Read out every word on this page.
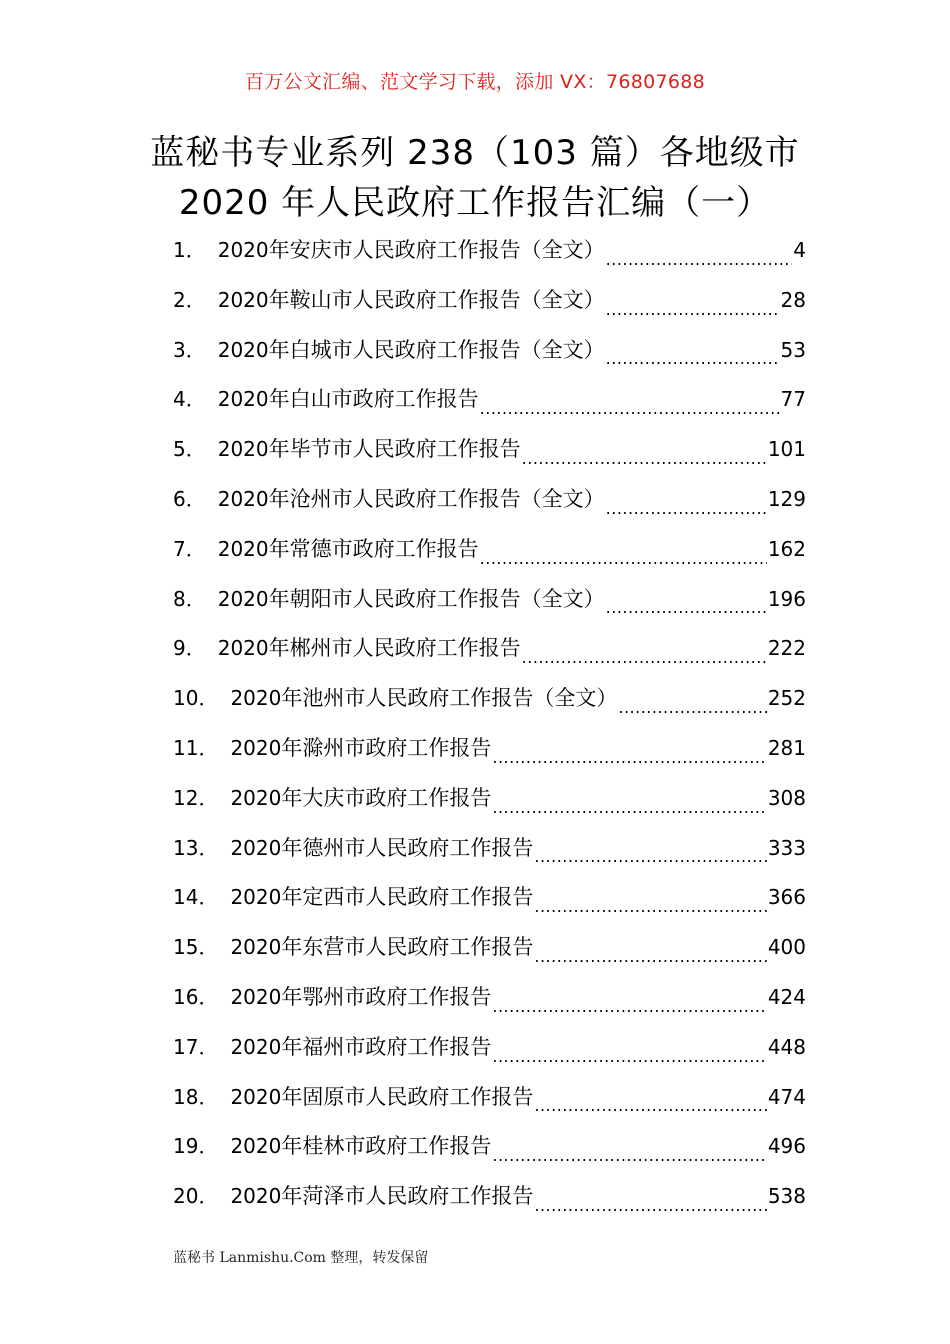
百万公文汇编、范文学习下载，添加 VX：76807688
蓝秘书专业系列 238（103 篇）各地级市
2020 年人民政府工作报告汇编（一）
1． 2020年安庆市人民政府工作报告（全文） .....	4
2． 2020年鞍山市人民政府工作报告（全文） .....	28
3． 2020年白城市人民政府工作报告（全文） .....	53
4． 2020年白山市政府工作报告 .....	77
5． 2020年毕节市人民政府工作报告 .....	101
6． 2020年沧州市人民政府工作报告（全文） .....	129
7． 2020年常德市政府工作报告 .....	162
8． 2020年朝阳市人民政府工作报告（全文） .....	196
9． 2020年郴州市人民政府工作报告 .....	222
10． 2020年池州市人民政府工作报告（全文） .....	252
11． 2020年滁州市政府工作报告 .....	281
12． 2020年大庆市政府工作报告 .....	308
13． 2020年德州市人民政府工作报告 .....	333
14． 2020年定西市人民政府工作报告 .....	366
15． 2020年东营市人民政府工作报告 .....	400
16． 2020年鄂州市政府工作报告 .....	424
17． 2020年福州市政府工作报告 .....	448
18． 2020年固原市人民政府工作报告 .....	474
19． 2020年桂林市政府工作报告 .....	496
20． 2020年菏泽市人民政府工作报告 .....	538
蓝秘书 Lanmishu.Com 整理，转发保留
